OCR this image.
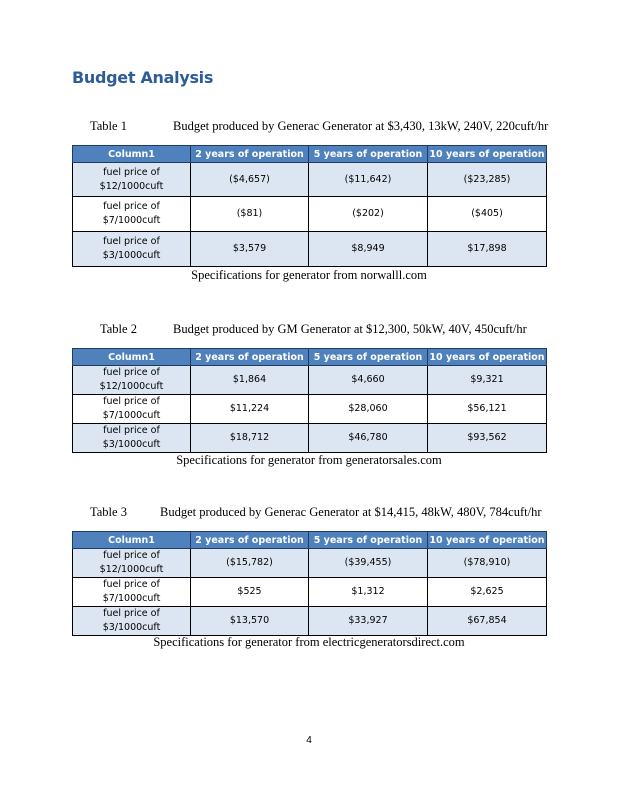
Budget Analysis
Table 1	Budget produced by Generac Generator at $3,430, 13kW, 240V, 220cuft/hr
Column1	2 years of operation	5 years of operation	10 years of operation
fuel price of $12/1000cuft	($4,657)	($11,642)	($23,285)
fuel price of $7/1000cuft	($81)	($202)	($405)
fuel price of $3/1000cuft	$3,579	$8,949	$17,898
Specifications for generator from norwalll.com
Table 2	Budget produced by GM Generator at $12,300, 50kW, 40V, 450cuft/hr
Column1	2 years of operation	5 years of operation	10 years of operation
fuel price of $12/1000cuft	$1,864	$4,660	$9,321
fuel price of $7/1000cuft	$11,224	$28,060	$56,121
fuel price of $3/1000cuft	$18,712	$46,780	$93,562
Specifications for generator from generatorsales.com
Table 3	Budget produced by Generac Generator at $14,415, 48kW, 480V, 784cuft/hr
Column1	2 years of operation	5 years of operation	10 years of operation
fuel price of $12/1000cuft	($15,782)	($39,455)	($78,910)
fuel price of $7/1000cuft	$525	$1,312	$2,625
fuel price of $3/1000cuft	$13,570	$33,927	$67,854
Specifications for generator from electricgeneratorsdirect.com
4
